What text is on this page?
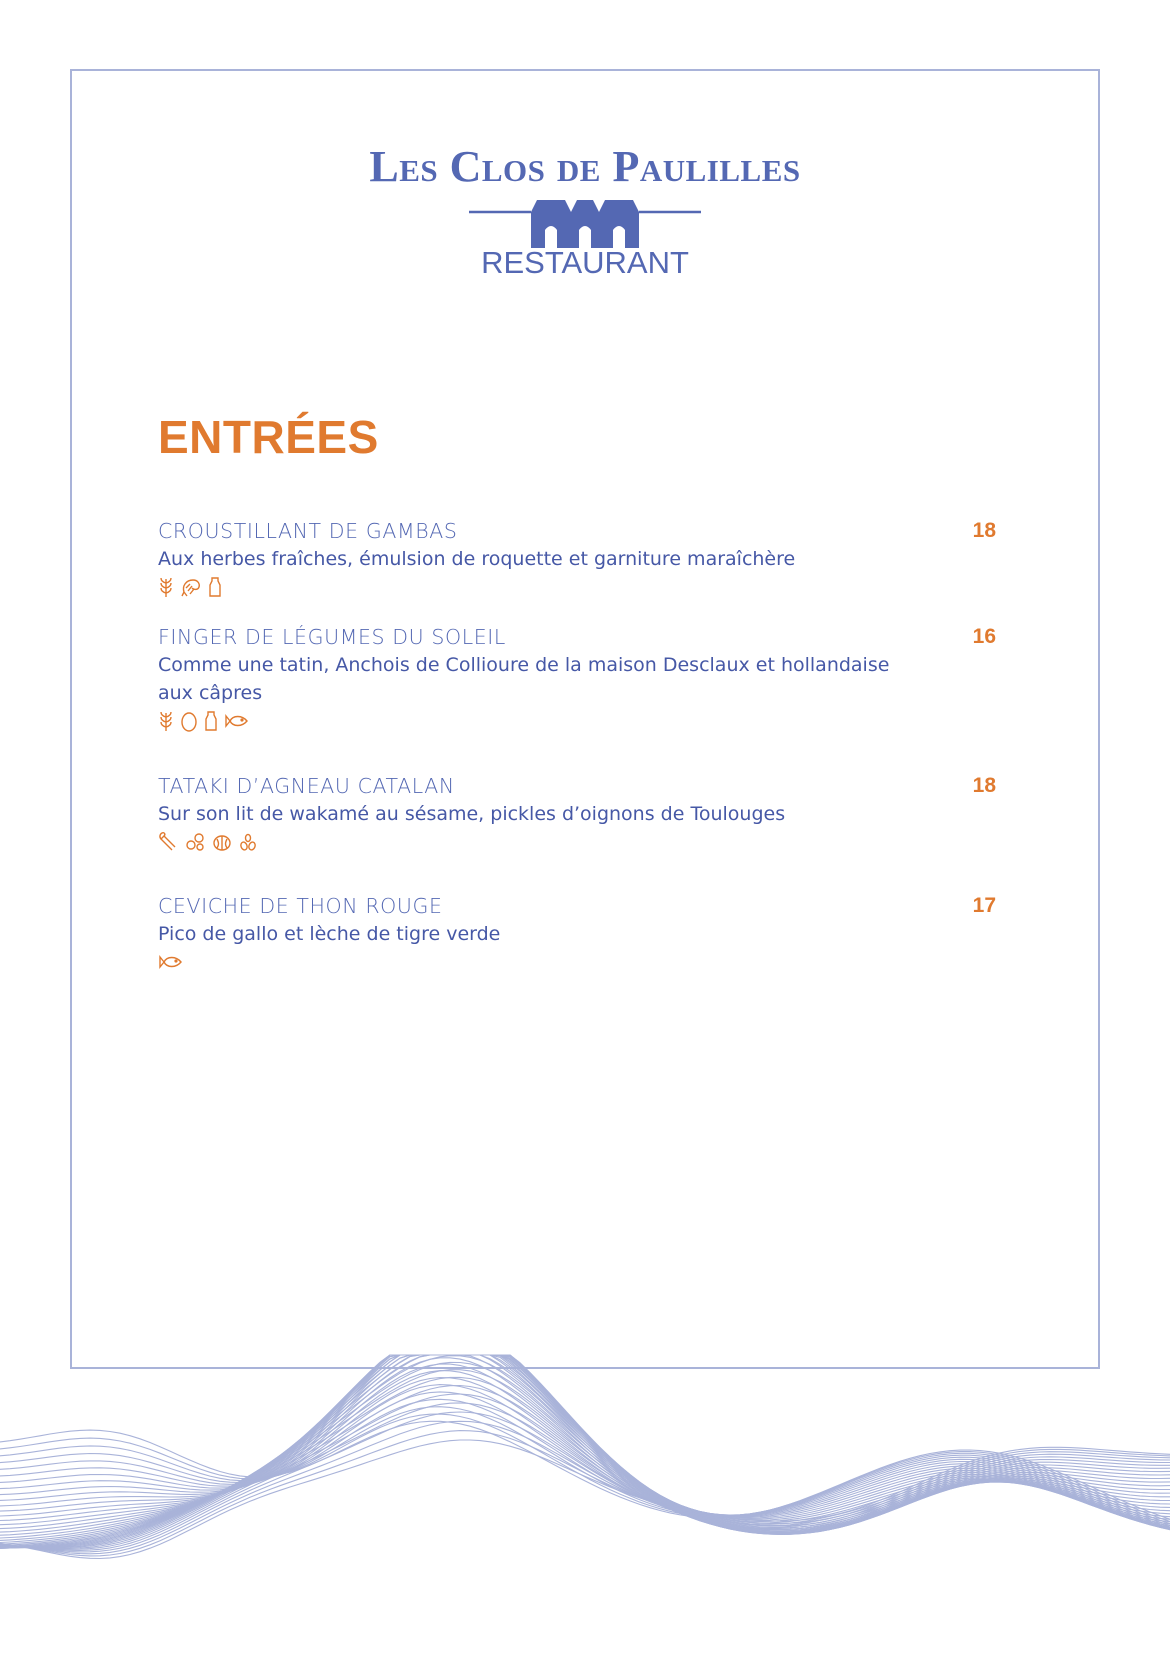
Les Clos de Paulilles
RESTAURANT
ENTRÉES
CROUSTILLANT DE GAMBAS	18
Aux herbes fraîches, émulsion de roquette et garniture maraîchère
FINGER DE LÉGUMES DU SOLEIL	16
Comme une tatin, Anchois de Collioure de la maison Desclaux et hollandaise aux câpres
TATAKI D’AGNEAU CATALAN	18
Sur son lit de wakamé au sésame, pickles d’oignons de Toulouges
CEVICHE DE THON ROUGE	17
Pico de gallo et lèche de tigre verde
